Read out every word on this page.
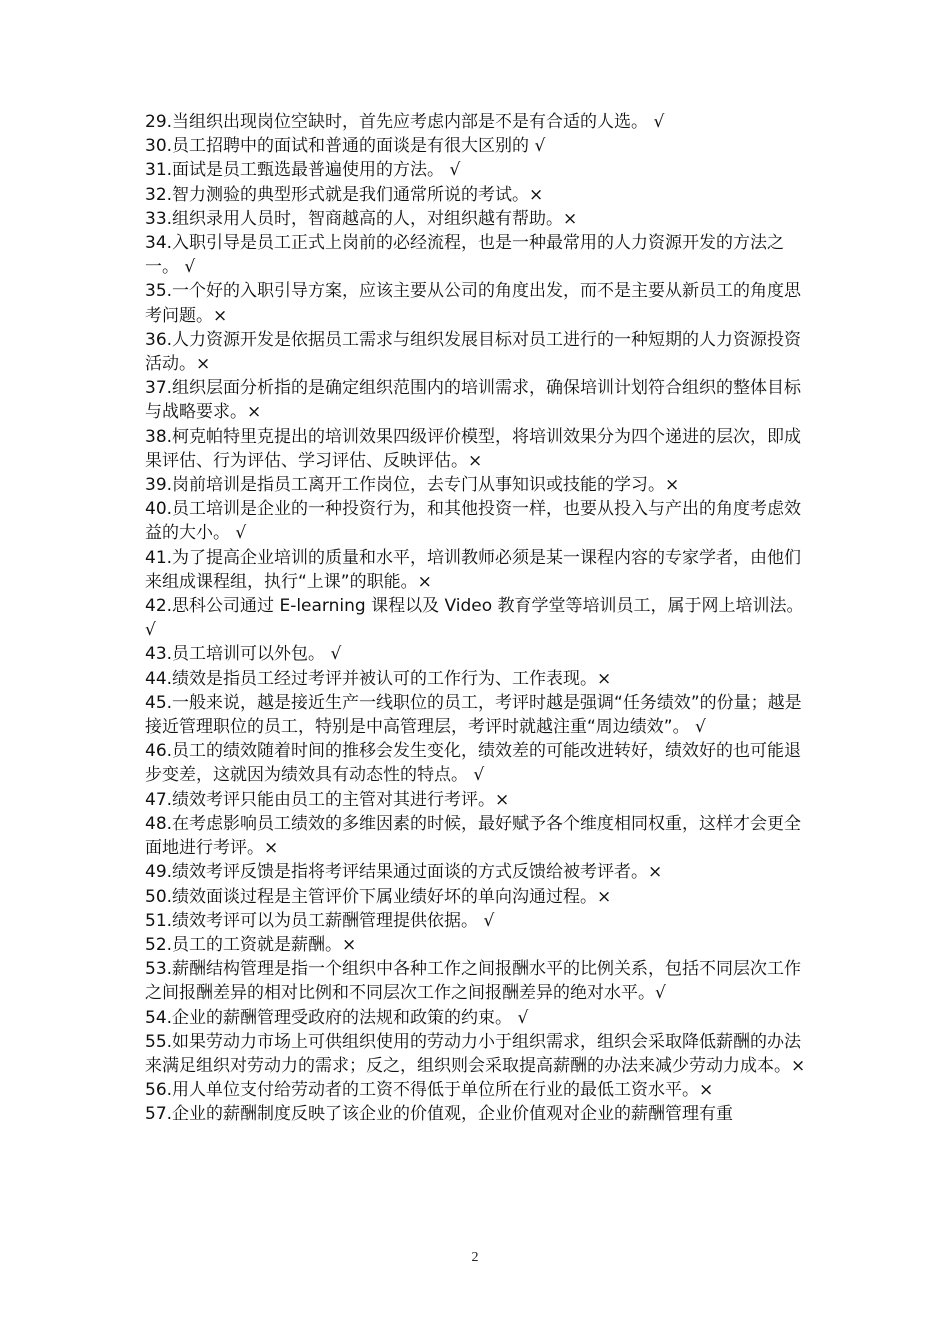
29.当组织出现岗位空缺时，首先应考虑内部是不是有合适的人选。 √

30.员工招聘中的面试和普通的面谈是有很大区别的 √

31.面试是员工甄选最普遍使用的方法。 √

32.智力测验的典型形式就是我们通常所说的考试。×

33.组织录用人员时，智商越高的人，对组织越有帮助。×

34.入职引导是员工正式上岗前的必经流程，也是一种最常用的人力资源开发的方法之一。 √

35.一个好的入职引导方案，应该主要从公司的角度出发，而不是主要从新员工的角度思考问题。×

36.人力资源开发是依据员工需求与组织发展目标对员工进行的一种短期的人力资源投资活动。×

37.组织层面分析指的是确定组织范围内的培训需求，确保培训计划符合组织的整体目标与战略要求。×

38.柯克帕特里克提出的培训效果四级评价模型，将培训效果分为四个递进的层次，即成果评估、行为评估、学习评估、反映评估。×

39.岗前培训是指员工离开工作岗位，去专门从事知识或技能的学习。×

40.员工培训是企业的一种投资行为，和其他投资一样，也要从投入与产出的角度考虑效益的大小。 √

41.为了提高企业培训的质量和水平，培训教师必须是某一课程内容的专家学者，由他们来组成课程组，执行“上课”的职能。×

42.思科公司通过 E-learning 课程以及 Video 教育学堂等培训员工，属于网上培训法。 √

43.员工培训可以外包。 √

44.绩效是指员工经过考评并被认可的工作行为、工作表现。×

45.一般来说，越是接近生产一线职位的员工，考评时越是强调“任务绩效”的份量；越是接近管理职位的员工，特别是中高管理层，考评时就越注重“周边绩效”。 √

46.员工的绩效随着时间的推移会发生变化，绩效差的可能改进转好，绩效好的也可能退步变差，这就因为绩效具有动态性的特点。 √

47.绩效考评只能由员工的主管对其进行考评。×

48.在考虑影响员工绩效的多维因素的时候，最好赋予各个维度相同权重，这样才会更全面地进行考评。×

49.绩效考评反馈是指将考评结果通过面谈的方式反馈给被考评者。×

50.绩效面谈过程是主管评价下属业绩好坏的单向沟通过程。×

51.绩效考评可以为员工薪酬管理提供依据。 √

52.员工的工资就是薪酬。×

53.薪酬结构管理是指一个组织中各种工作之间报酬水平的比例关系，包括不同层次工作之间报酬差异的相对比例和不同层次工作之间报酬差异的绝对水平。√

54.企业的薪酬管理受政府的法规和政策的约束。 √

55.如果劳动力市场上可供组织使用的劳动力小于组织需求，组织会采取降低薪酬的办法来满足组织对劳动力的需求；反之，组织则会采取提高薪酬的办法来减少劳动力成本。×

56.用人单位支付给劳动者的工资不得低于单位所在行业的最低工资水平。×

57.企业的薪酬制度反映了该企业的价值观，企业价值观对企业的薪酬管理有重

2
